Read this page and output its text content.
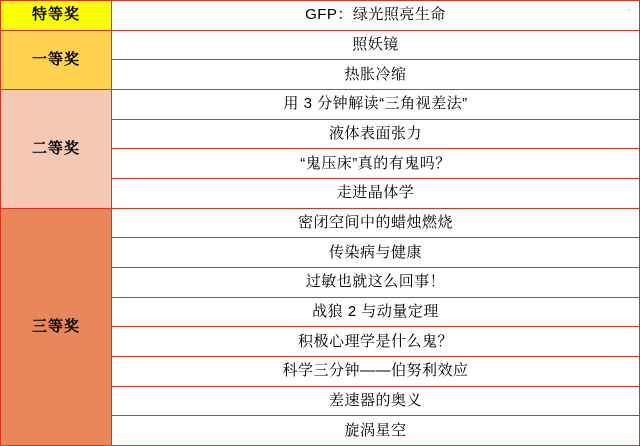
特等奖	GFP：绿光照亮生命 、

一等奖	照妖镜
	热胀冷缩
二等奖	用 3 分钟解读“三角视差法”
	液体表面张力
	“鬼压床”真的有鬼吗？
	走进晶体学
三等奖	密闭空间中的蜡烛燃烧
	传染病与健康
	过敏也就这么回事！
	战狼 2 与动量定理
	积极心理学是什么鬼？
	科学三分钟——伯努利效应
	差速器的奥义
	旋涡星空
